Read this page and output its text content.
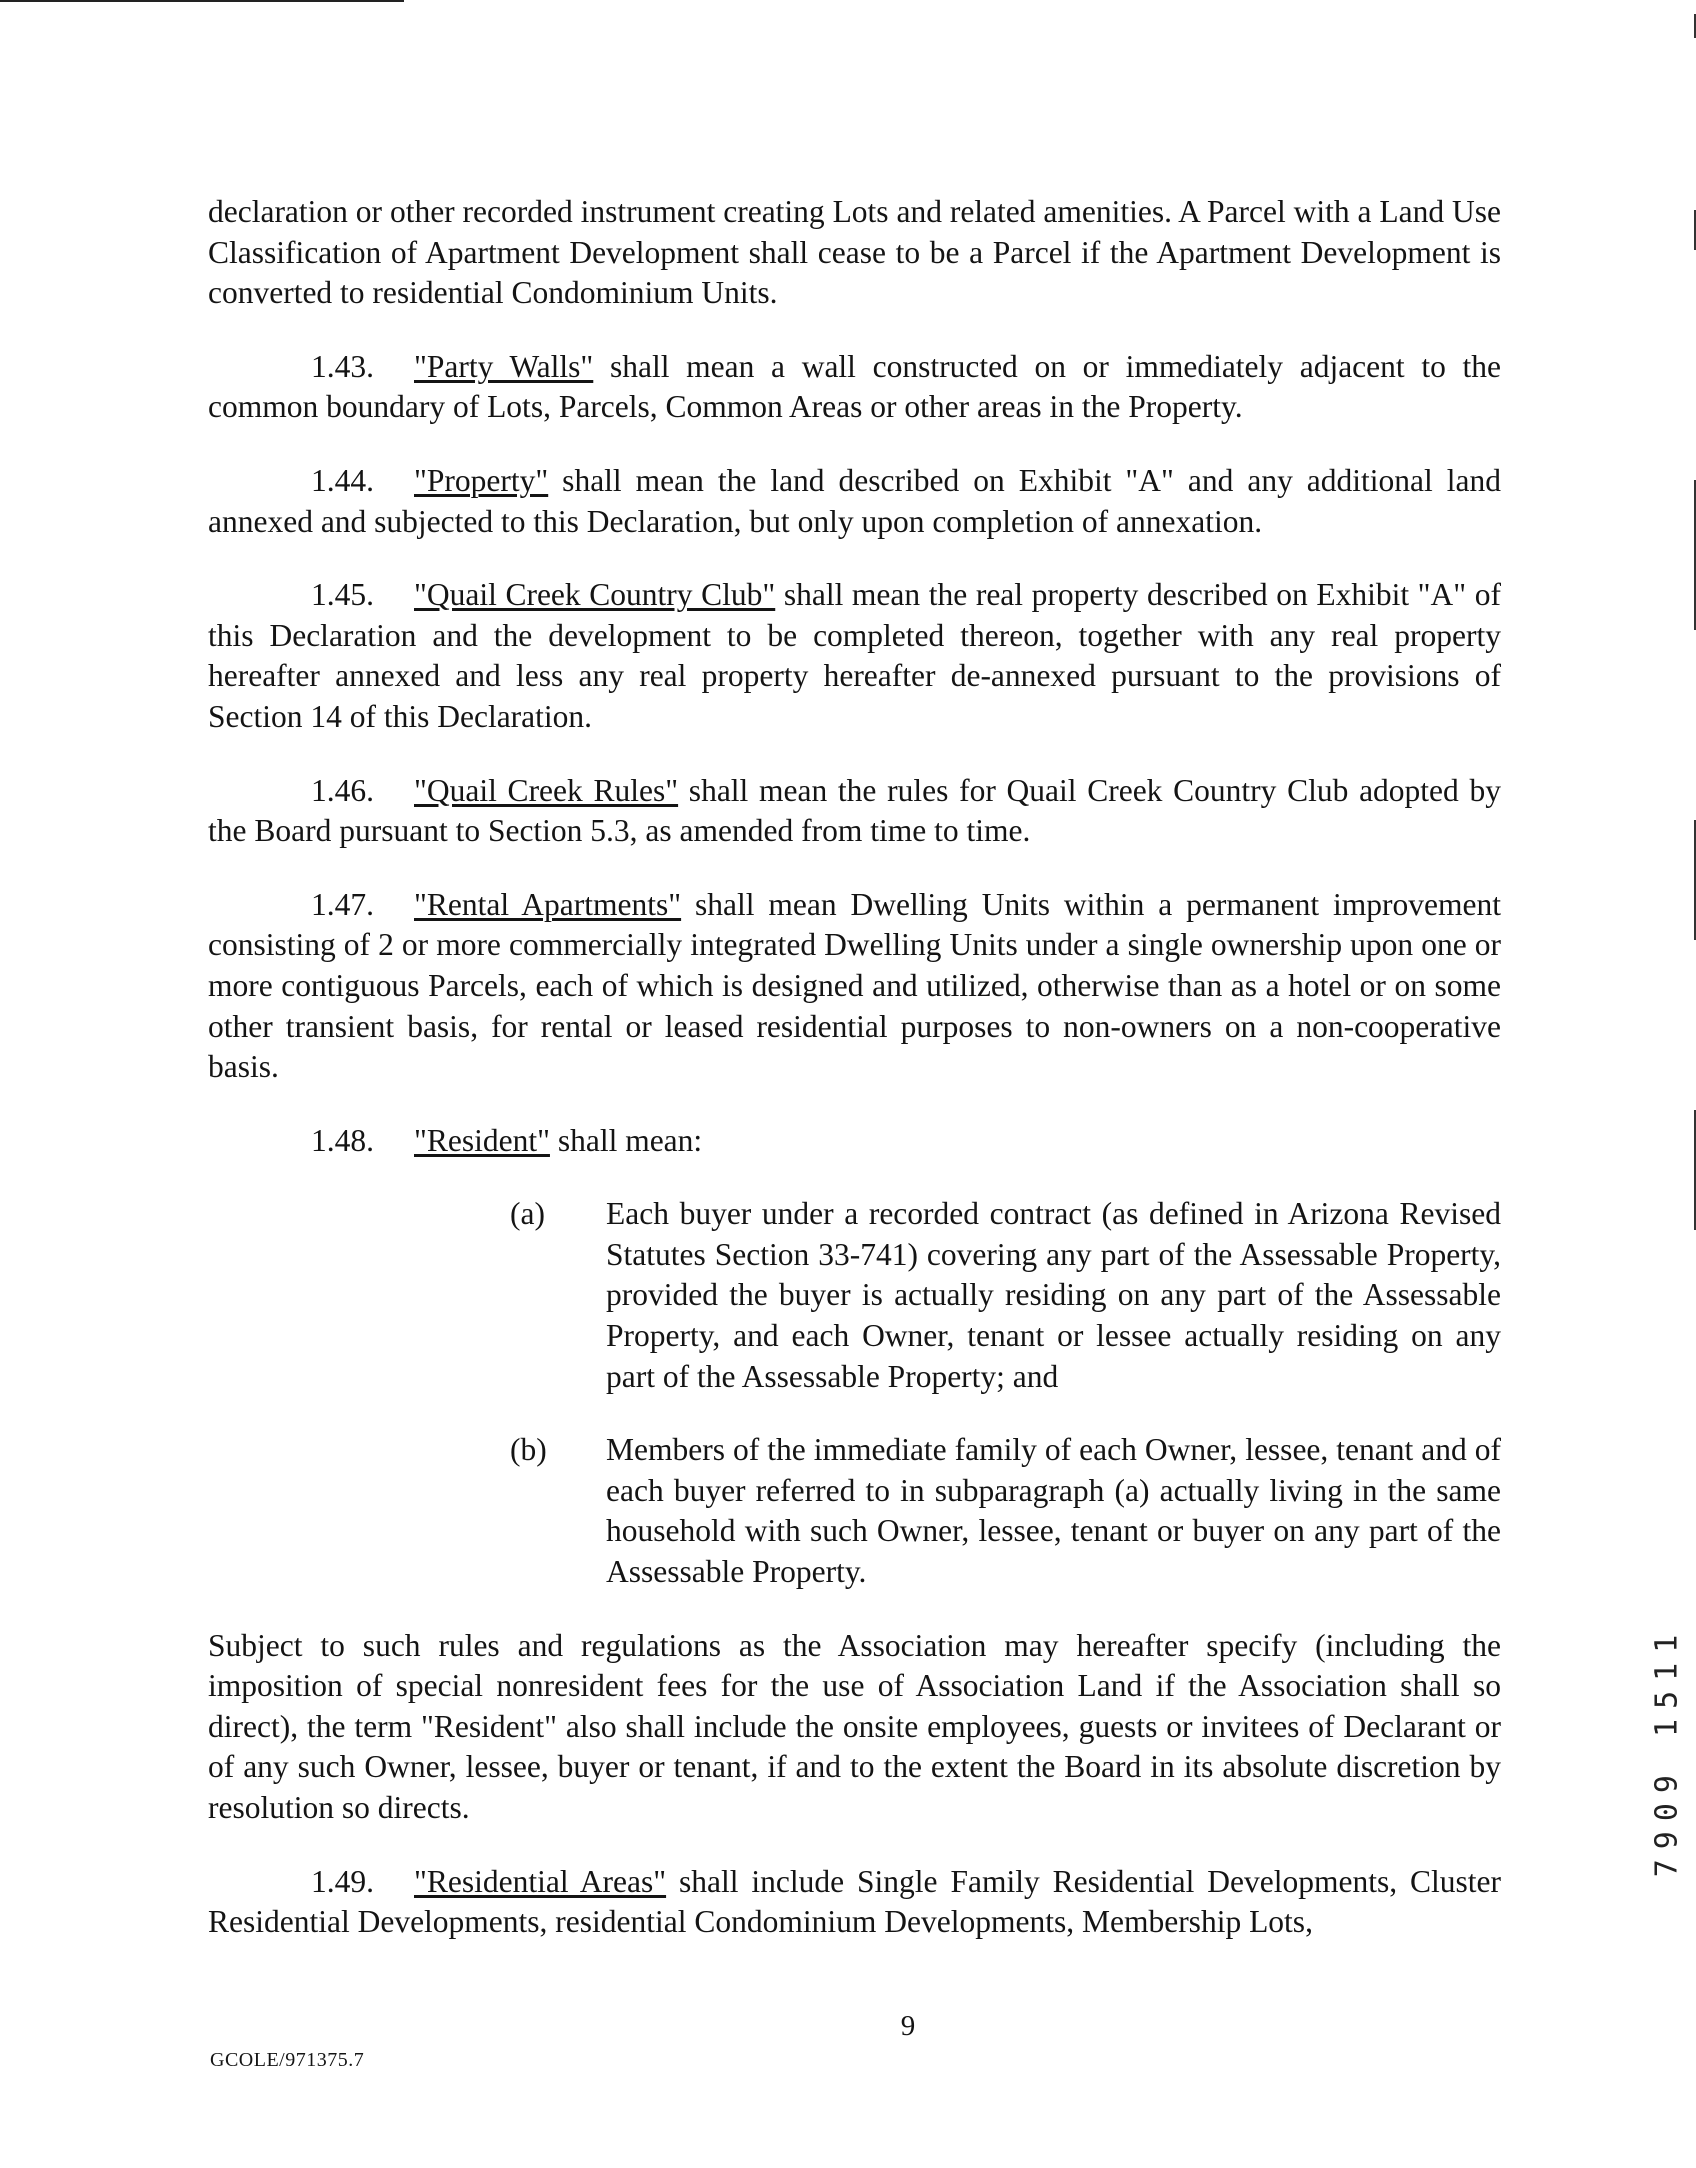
declaration or other recorded instrument creating Lots and related amenities. A Parcel with a Land Use Classification of Apartment Development shall cease to be a Parcel if the Apartment Development is converted to residential Condominium Units.

1.43. "Party Walls" shall mean a wall constructed on or immediately adjacent to the common boundary of Lots, Parcels, Common Areas or other areas in the Property.

1.44. "Property" shall mean the land described on Exhibit "A" and any additional land annexed and subjected to this Declaration, but only upon completion of annexation.

1.45. "Quail Creek Country Club" shall mean the real property described on Exhibit "A" of this Declaration and the development to be completed thereon, together with any real property hereafter annexed and less any real property hereafter de-annexed pursuant to the provisions of Section 14 of this Declaration.

1.46. "Quail Creek Rules" shall mean the rules for Quail Creek Country Club adopted by the Board pursuant to Section 5.3, as amended from time to time.

1.47. "Rental Apartments" shall mean Dwelling Units within a permanent improvement consisting of 2 or more commercially integrated Dwelling Units under a single ownership upon one or more contiguous Parcels, each of which is designed and utilized, otherwise than as a hotel or on some other transient basis, for rental or leased residential purposes to non-owners on a non-cooperative basis.

1.48. "Resident" shall mean:

(a) Each buyer under a recorded contract (as defined in Arizona Revised Statutes Section 33-741) covering any part of the Assessable Property, provided the buyer is actually residing on any part of the Assessable Property, and each Owner, tenant or lessee actually residing on any part of the Assessable Property; and
(b) Members of the immediate family of each Owner, lessee, tenant and of each buyer referred to in subparagraph (a) actually living in the same household with such Owner, lessee, tenant or buyer on any part of the Assessable Property.

Subject to such rules and regulations as the Association may hereafter specify (including the imposition of special nonresident fees for the use of Association Land if the Association shall so direct), the term "Resident" also shall include the onsite employees, guests or invitees of Declarant or of any such Owner, lessee, buyer or tenant, if and to the extent the Board in its absolute discretion by resolution so directs.

1.49. "Residential Areas" shall include Single Family Residential Developments, Cluster Residential Developments, residential Condominium Developments, Membership Lots,

9
GCOLE/971375.7
7909 1511
